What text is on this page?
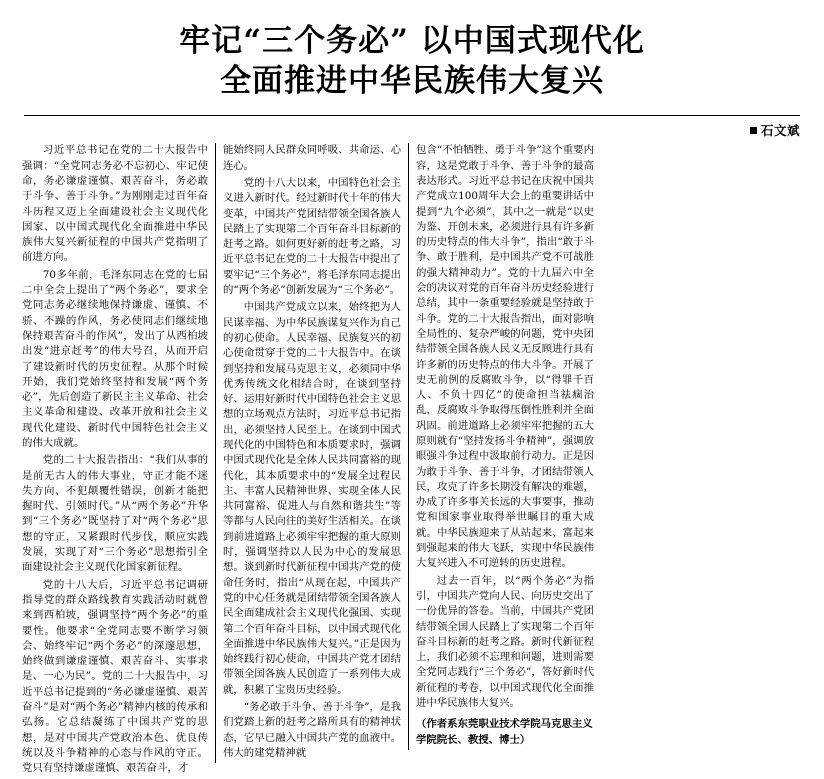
牢记“三个务必” 以中国式现代化
全面推进中华民族伟大复兴
石文斌

习近平总书记在党的二十大报告中强调：“全党同志务必不忘初心、牢记使命，务必谦虚谨慎、艰苦奋斗，务必敢于斗争、善于斗争。”为刚刚走过百年奋斗历程又迈上全面建设社会主义现代化国家、以中国式现代化全面推进中华民族伟大复兴新征程的中国共产党指明了前进方向。

70多年前，毛泽东同志在党的七届二中全会上提出了“两个务必”，要求全党同志务必继续地保持谦虚、谨慎、不骄、不躁的作风，务必使同志们继续地保持艰苦奋斗的作风”，发出了从西柏坡出发“进京赶考”的伟大号召，从而开启了建设新时代的历史征程。从那个时候开始，我们党始终坚持和发展“两个务必”，先后创造了新民主主义革命、社会主义革命和建设、改革开放和社会主义现代化建设、新时代中国特色社会主义的伟大成就。

党的二十大报告指出：“我们从事的是前无古人的伟大事业，守正才能不迷失方向、不犯颠覆性错误，创新才能把握时代、引领时代。”从“两个务必”升华到“三个务必”既坚持了对“两个务必”思想的守正，又紧跟时代步伐，顺应实践发展，实现了对“三个务必”思想指引全面建设社会主义现代化国家新征程。

党的十八大后，习近平总书记调研指导党的群众路线教育实践活动时就曾来到西柏坡，强调坚持“两个务必”的重要性。他要求“全党同志要不断学习领会、始终牢记“两个务必”的深邃思想，始终做到谦虚谨慎、艰苦奋斗、实事求是、一心为民”。党的二十大报告中，习近平总书记提到的“务必谦虚谨慎、艰苦奋斗”是对“两个务必”精神内核的传承和弘扬。它总结凝练了中国共产党的思想，是对中国共产党政治本色、优良传统以及斗争精神的心态与作风的守正。党只有坚持谦虚谨慎、艰苦奋斗，才

能始终同人民群众同呼吸、共命运、心连心。

党的十八大以来，中国特色社会主义进入新时代。经过新时代十年的伟大变革，中国共产党团结带领全国各族人民踏上了实现第二个百年奋斗目标新的赶考之路。如何更好新的赶考之路，习近平总书记在党的二十大报告中提出了要牢记“三个务必”，将毛泽东同志提出的“两个务必”创新发展为“三个务必”。

中国共产党成立以来，始终把为人民谋幸福、为中华民族谋复兴作为自己的初心使命。人民幸福、民族复兴的初心使命贯穿于党的二十大报告中。在谈到坚持和发展马克思主义，必须同中华优秀传统文化相结合时，在谈到坚持好、运用好新时代中国特色社会主义思想的立场观点方法时，习近平总书记指出，必须坚持人民至上。在谈到中国式现代化的中国特色和本质要求时，强调中国式现代化是全体人民共同富裕的现代化，其本质要求中的“发展全过程民主、丰富人民精神世界、实现全体人民共同富裕、促进人与自然和谐共生”等等都与人民向往的美好生活相关。在谈到前进道路上必须牢牢把握的重大原则时，强调坚持以人民为中心的发展思想。谈到新时代新征程中国共产党的使命任务时，指出“从现在起，中国共产党的中心任务就是团结带领全国各族人民全面建成社会主义现代化强国、实现第二个百年奋斗目标，以中国式现代化全面推进中华民族伟大复兴。”正是因为始终践行初心使命，中国共产党才团结带领全国各族人民创造了一系列伟大成就，积累了宝贵历史经验。

“务必敢于斗争、善于斗争”，是我们党踏上新的赶考之路所具有的精神状态，它早已融入中国共产党的血液中。伟大的建党精神就

包含“不怕牺牲、勇于斗争”这个重要内容，这是党敢于斗争、善于斗争的最高表达形式。习近平总书记在庆祝中国共产党成立100周年大会上的重要讲话中提到“九个必须”，其中之一就是“以史为鉴、开创未来，必须进行具有许多新的历史特点的伟大斗争”，指出“敢于斗争、敢于胜利，是中国共产党不可战胜的强大精神动力”。党的十九届六中全会的决议对党的百年奋斗历史经验进行总结，其中一条重要经验就是坚持敢于斗争。党的二十大报告指出，面对影响全局性的、复杂严峻的问题，党中央团结带领全国各族人民义无反顾进行具有许多新的历史特点的伟大斗争。开展了史无前例的反腐败斗争，以“得罪千百人、不负十四亿”的使命担当祛痼治乱，反腐败斗争取得压倒性胜利并全面巩固。前进道路上必须牢牢把握的五大原则就有“坚持发扬斗争精神”，强调放眼强斗争过程中汲取前行动力。正是因为敢于斗争、善于斗争，才团结带领人民，攻克了许多长期没有解决的难题，办成了许多事关长远的大事要事，推动党和国家事业取得举世瞩目的重大成就。中华民族迎来了从站起来、富起来到强起来的伟大飞跃，实现中华民族伟大复兴进入不可逆转的历史进程。

过去一百年，以“两个务必”为指引，中国共产党向人民、向历史交出了一份优异的答卷。当前，中国共产党团结带领全国人民踏上了实现第二个百年奋斗目标新的赶考之路。新时代新征程上，我们必须不忘理和问题，进则需要全党同志践行“三个务必”，答好新时代新征程的考卷，以中国式现代化全面推进中华民族伟大复兴。

（作者系东莞职业技术学院马克思主义
学院院长、教授、博士）
